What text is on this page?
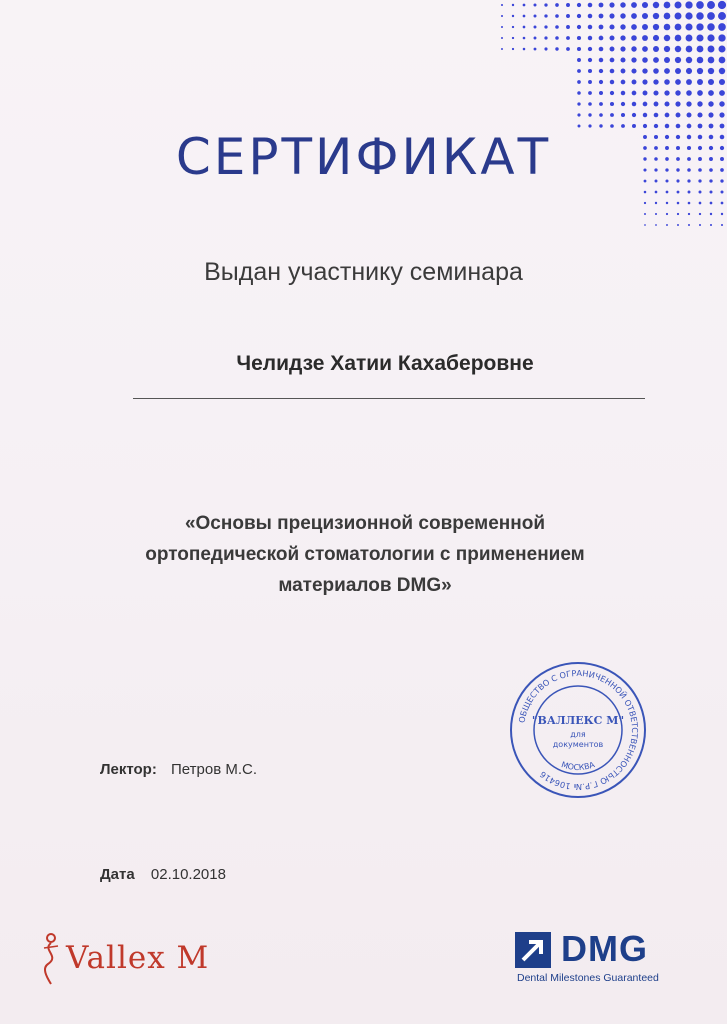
СЕРТИФИКАТ
Выдан участнику семинара
Челидзе Хатии Кахаберовне
«Основы прецизионной современной
ортопедической стоматологии с применением
материалов DMG»
Лектор: Петров М.С.
Дата 02.10.2018
ОБЩЕСТВО С ОГРАНИЧЕННОЙ ОТВЕТСТВЕННОСТЬЮ Г.Р.№ 106416
МОСКВА
"ВАЛЛЕКС М"
для
документов
Vallex M	DMG
Dental Milestones Guaranteed
